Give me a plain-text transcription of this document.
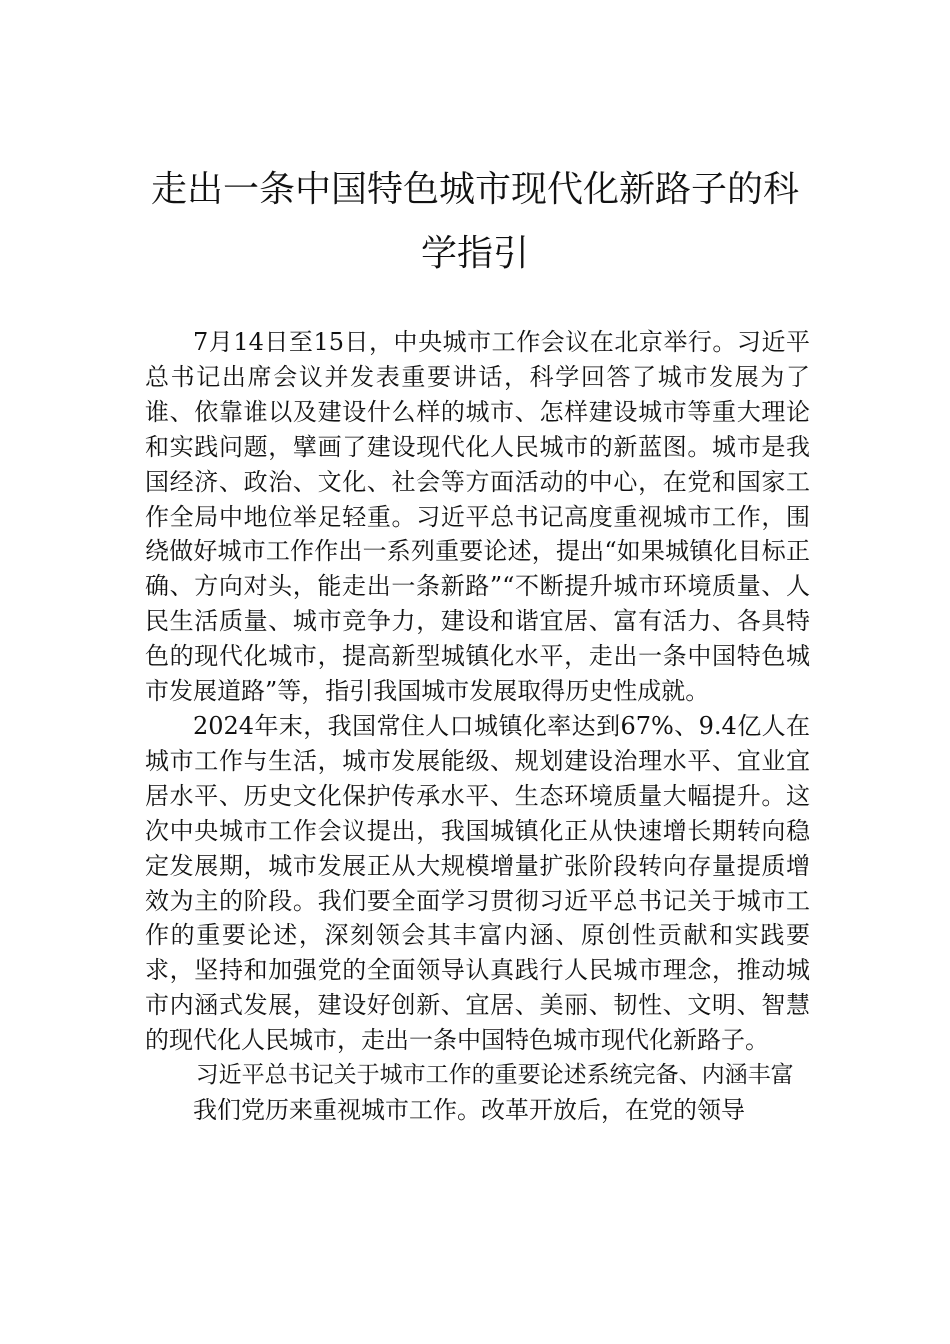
走出一条中国特色城市现代化新路子的科学指引

7月14日至15日，中央城市工作会议在北京举行。习近平总书记出席会议并发表重要讲话，科学回答了城市发展为了谁、依靠谁以及建设什么样的城市、怎样建设城市等重大理论和实践问题，擘画了建设现代化人民城市的新蓝图。城市是我国经济、政治、文化、社会等方面活动的中心，在党和国家工作全局中地位举足轻重。习近平总书记高度重视城市工作，围绕做好城市工作作出一系列重要论述，提出“如果城镇化目标正确、方向对头，能走出一条新路”“不断提升城市环境质量、人民生活质量、城市竞争力，建设和谐宜居、富有活力、各具特色的现代化城市，提高新型城镇化水平，走出一条中国特色城市发展道路”等，指引我国城市发展取得历史性成就。

2024年末，我国常住人口城镇化率达到67%、9.4亿人在城市工作与生活，城市发展能级、规划建设治理水平、宜业宜居水平、历史文化保护传承水平、生态环境质量大幅提升。这次中央城市工作会议提出，我国城镇化正从快速增长期转向稳定发展期，城市发展正从大规模增量扩张阶段转向存量提质增效为主的阶段。我们要全面学习贯彻习近平总书记关于城市工作的重要论述，深刻领会其丰富内涵、原创性贡献和实践要求，坚持和加强党的全面领导认真践行人民城市理念，推动城市内涵式发展，建设好创新、宜居、美丽、韧性、文明、智慧的现代化人民城市，走出一条中国特色城市现代化新路子。

习近平总书记关于城市工作的重要论述系统完备、内涵丰富

我们党历来重视城市工作。改革开放后，在党的领导
